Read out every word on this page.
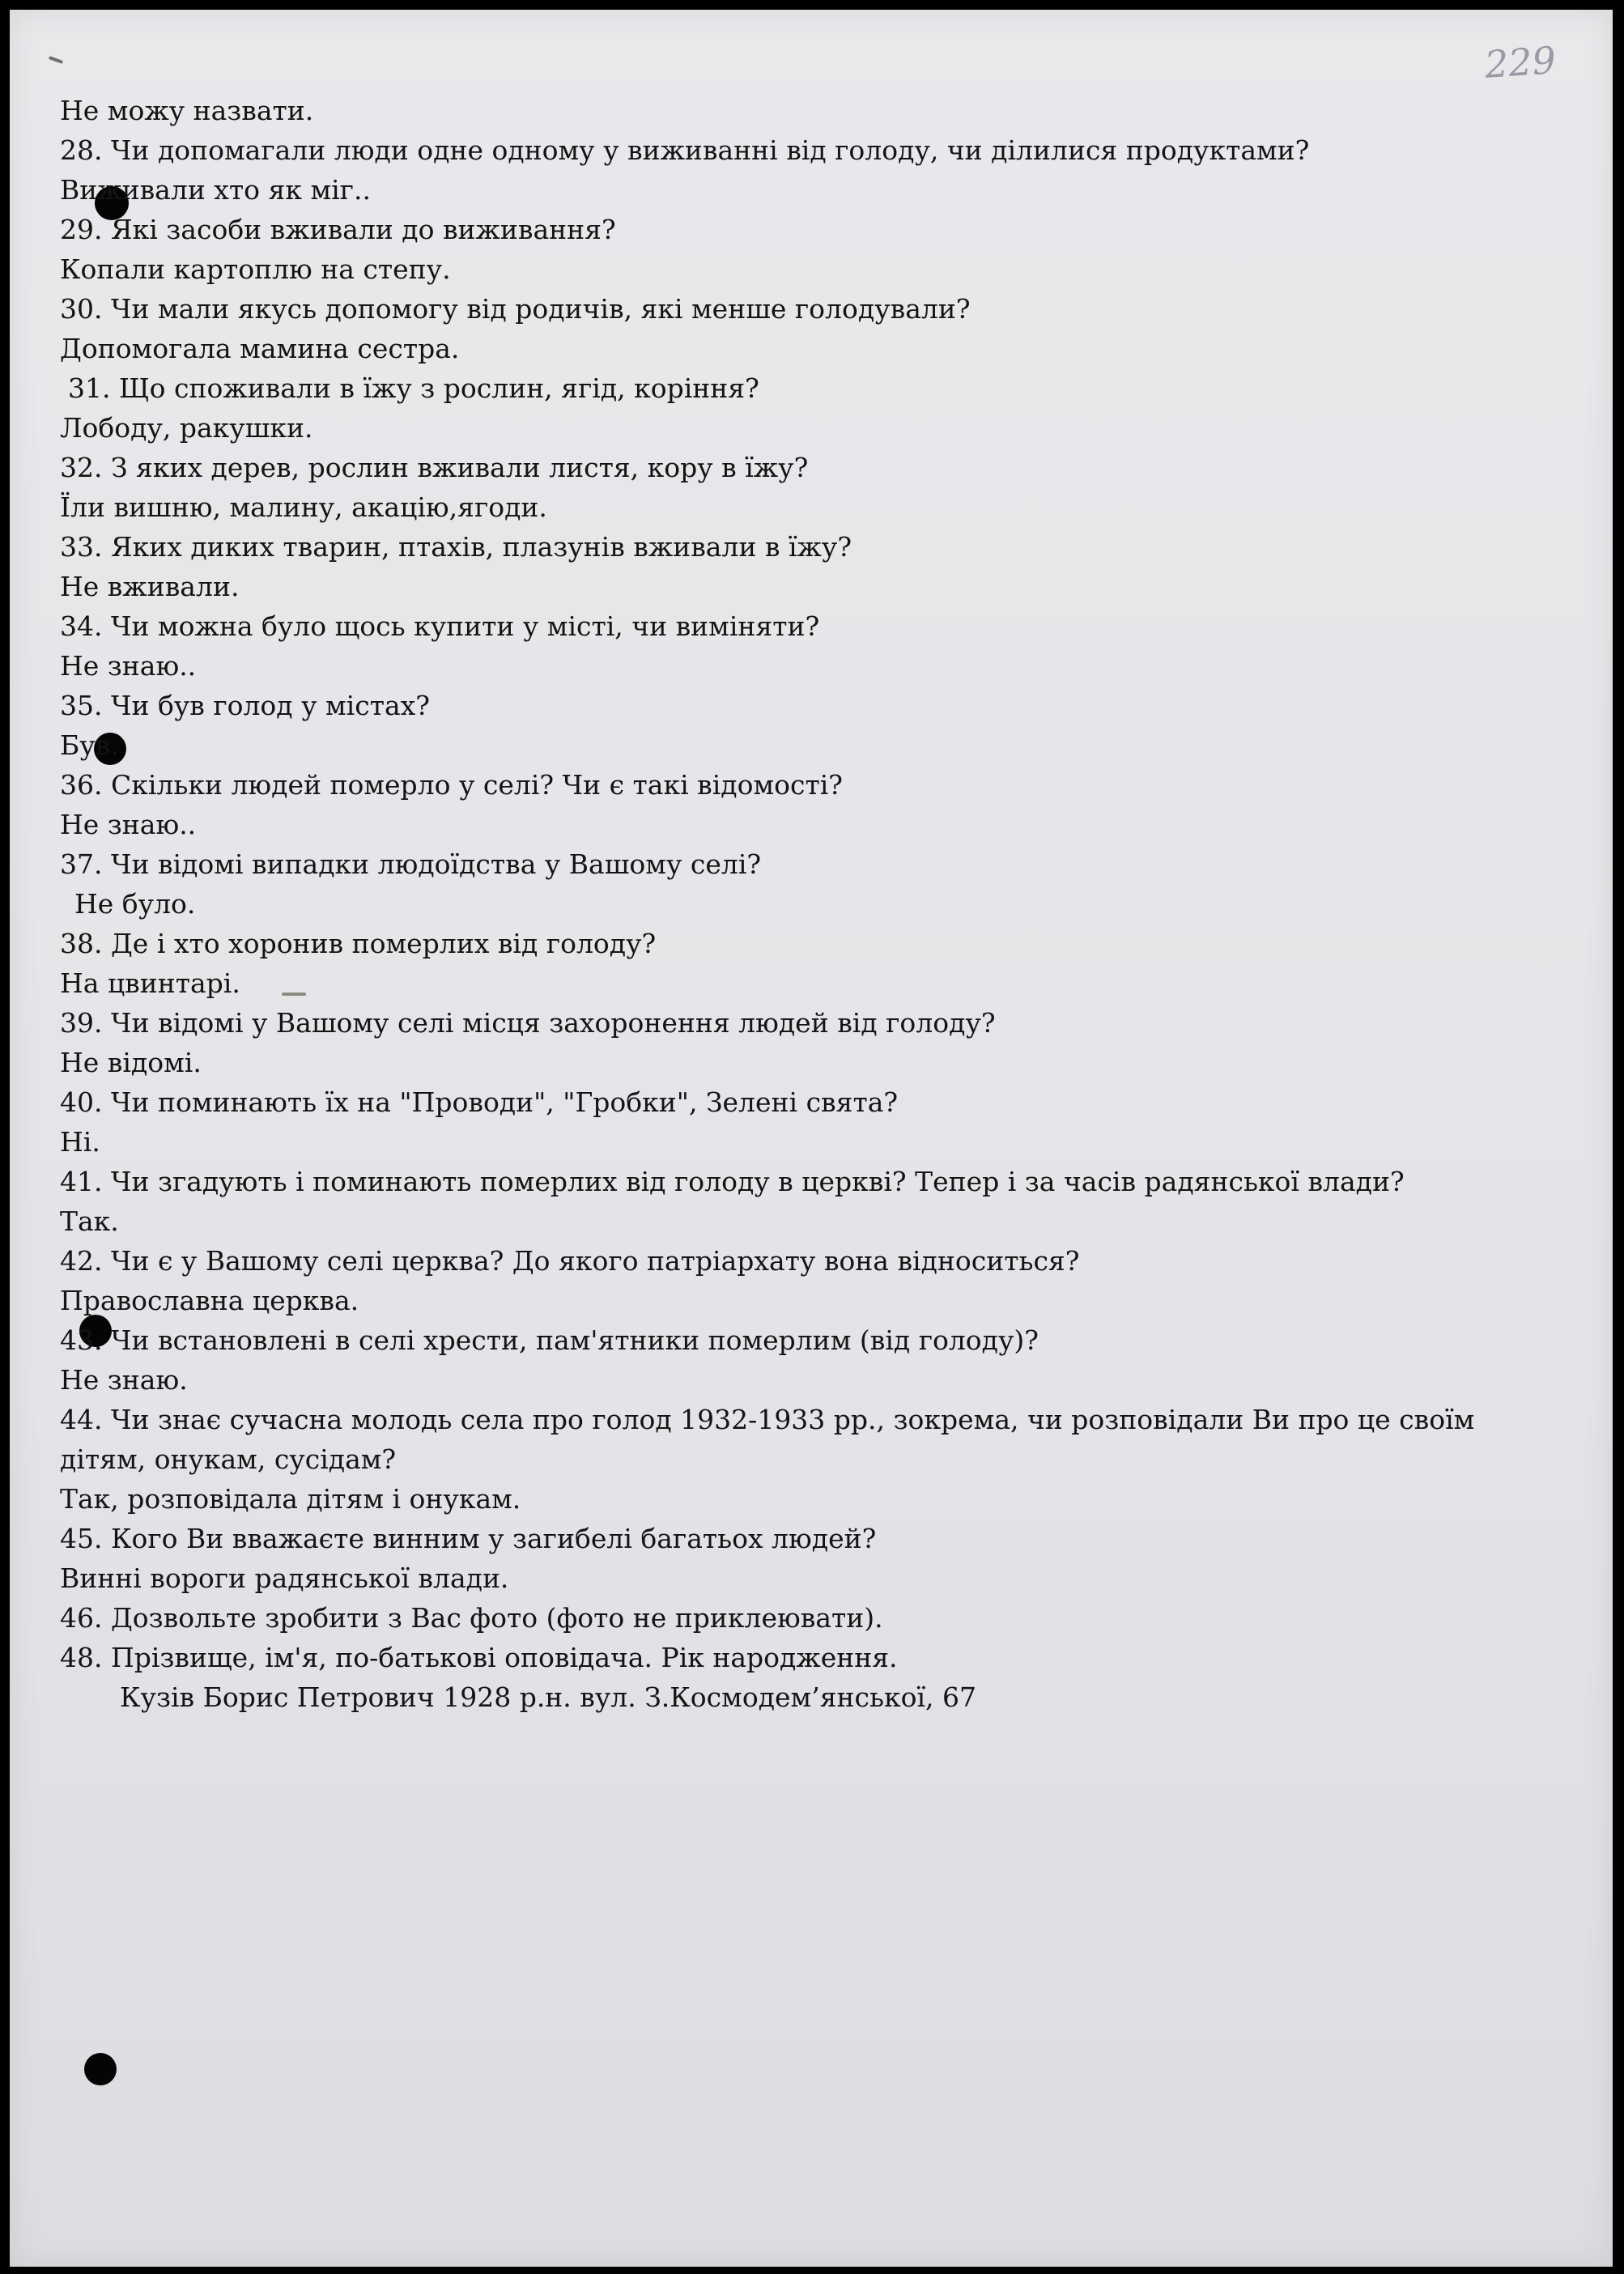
229
Не можу назвати.
28. Чи допомагали люди одне одному у виживанні від голоду, чи ділилися продуктами?
Виживали хто як міг..
29. Які засоби вживали до виживання?
Копали картоплю на степу.
30. Чи мали якусь допомогу від родичів, які менше голодували?
Допомогала мамина сестра.
31. Що споживали в їжу з рослин, ягід, коріння?
Лободу, ракушки.
32. З яких дерев, рослин вживали листя, кору в їжу?
Їли вишню, малину, акацію,ягоди.
33. Яких диких тварин, птахів, плазунів вживали в їжу?
Не вживали.
34. Чи можна було щось купити у місті, чи виміняти?
Не знаю..
35. Чи був голод у містах?
Був.
36. Скільки людей померло у селі? Чи є такі відомості?
Не знаю..
37. Чи відомі випадки людоїдства у Вашому селі?
Не було.
38. Де і хто хоронив померлих від голоду?
На цвинтарі.
39. Чи відомі у Вашому селі місця захоронення людей від голоду?
Не відомі.
40. Чи поминають їх на "Проводи", "Гробки", Зелені свята?
Ні.
41. Чи згадують і поминають померлих від голоду в церкві? Тепер і за часів радянської влади?
Так.
42. Чи є у Вашому селі церква? До якого патріархату вона відноситься?
Православна церква.
43. Чи встановлені в селі хрести, пам'ятники померлим (від голоду)?
Не знаю.
44. Чи знає сучасна молодь села про голод 1932-1933 рр., зокрема, чи розповідали Ви про це своїм
дітям, онукам, сусідам?
Так, розповідала дітям і онукам.
45. Кого Ви вважаєте винним у загибелі багатьох людей?
Винні вороги радянської влади.
46. Дозвольте зробити з Вас фото (фото не приклеювати).
48. Прізвище, ім'я, по-батькові оповідача. Рік народження.
Кузів Борис Петрович 1928 р.н. вул. З.Космодем’янської, 67
